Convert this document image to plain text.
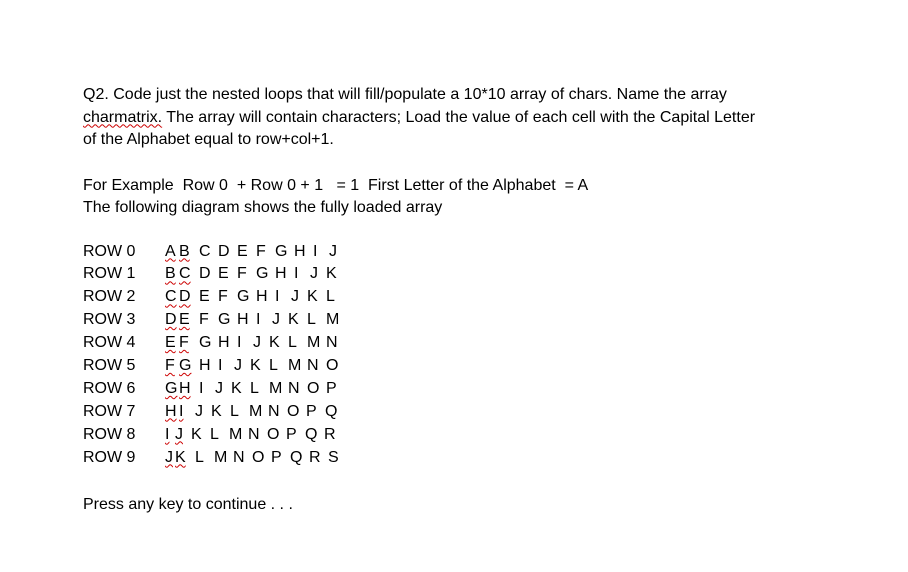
Q2. Code just the nested loops that will fill/populate a 10*10 array of chars. Name the array

charmatrix. The array will contain characters; Load the value of each cell with the Capital Letter

of the Alphabet equal to row+col+1.

For Example  Row 0  + Row 0 + 1   = 1  First Letter of the Alphabet  = A

The following diagram shows the fully loaded array

ROW 0	A B C D E F G H I J
ROW 1	B C D E F G H I J K
ROW 2	C D E F G H I J K L
ROW 3	D E F G H I J K L M
ROW 4	E F G H I J K L M N
ROW 5	F G H I J K L M N O
ROW 6	G H I J K L M N O P
ROW 7	H I J K L M N O P Q
ROW 8	I J K L M N O P Q R
ROW 9	J K L M N O P Q R S

Press any key to continue . . .
